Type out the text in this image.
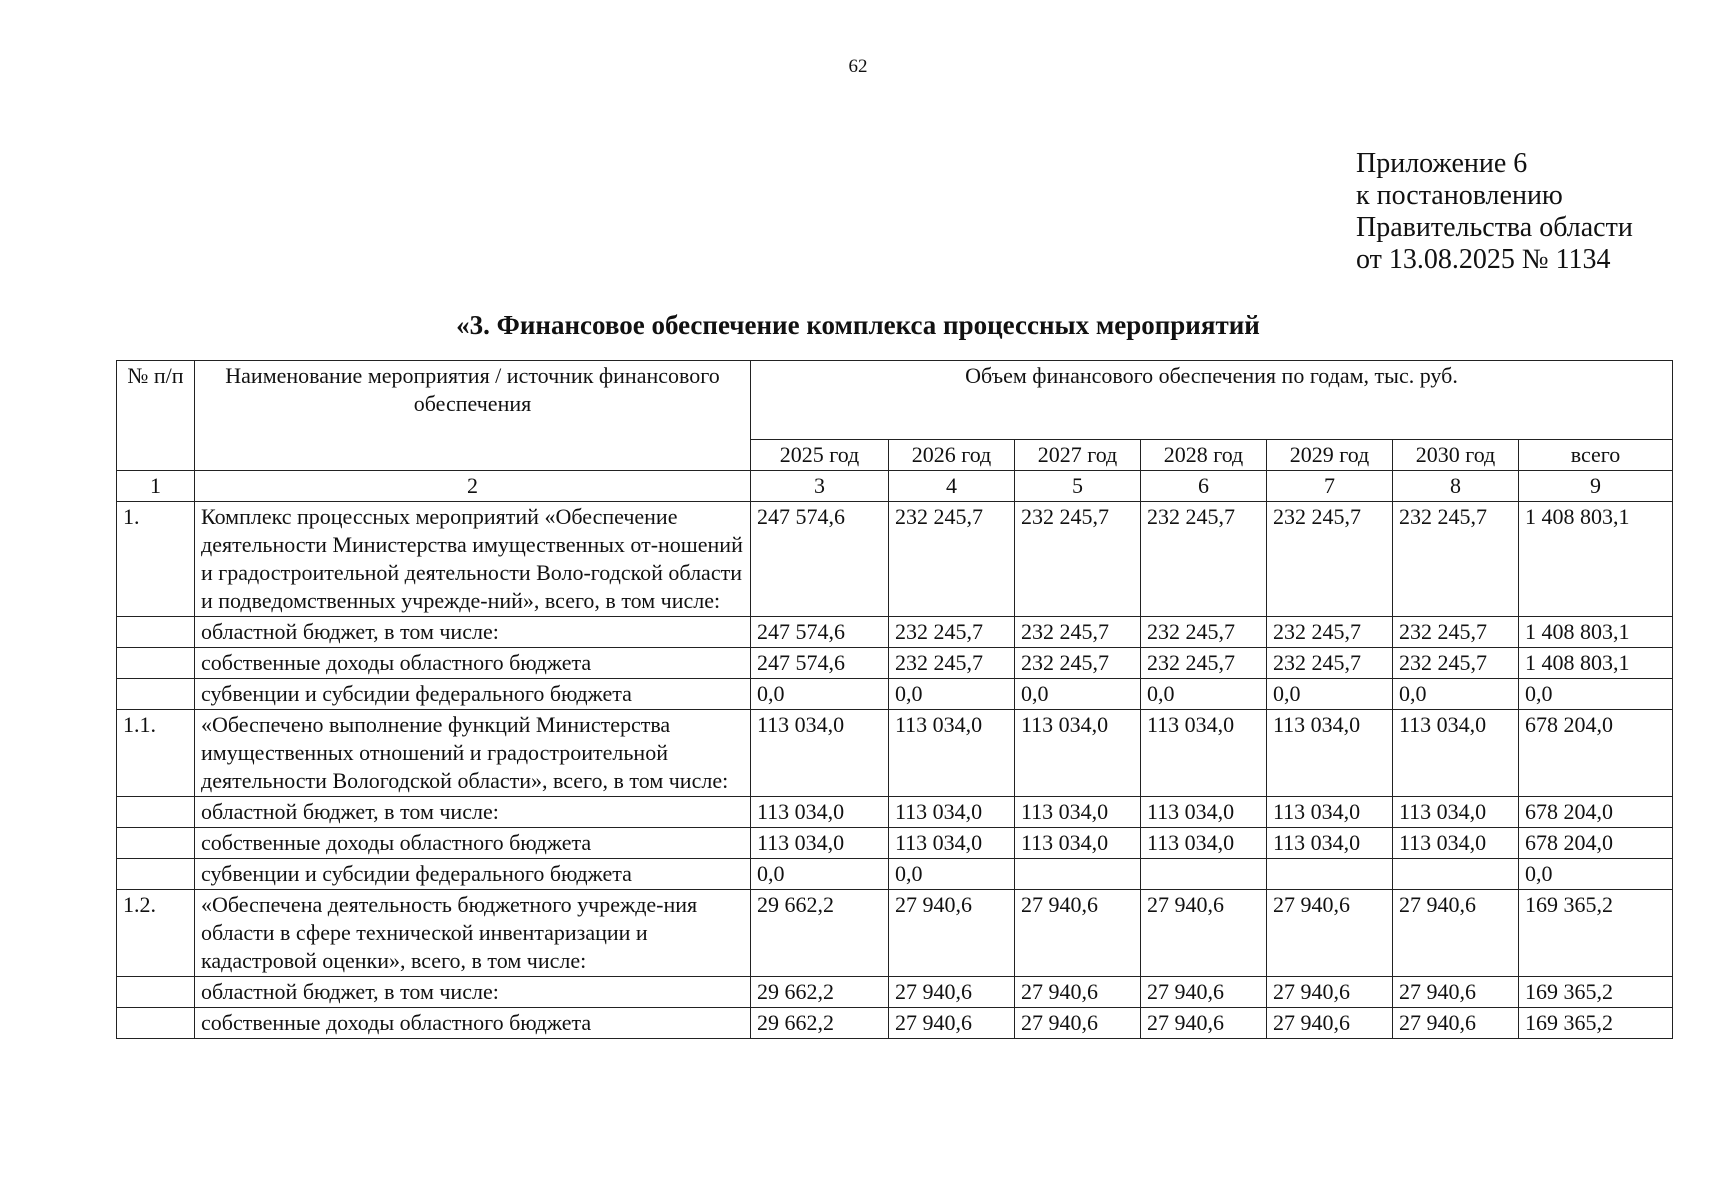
62
Приложение 6
к постановлению
Правительства области
от 13.08.2025 № 1134
«3. Финансовое обеспечение комплекса процессных мероприятий
№ п/п	Наименование мероприятия / источник финансового обеспечения	Объем финансового обеспечения по годам, тыс. руб.						
		2025 год	2026 год	2027 год	2028 год	2029 год	2030 год	всего
1	2	3	4	5	6	7	8	9
1.	Комплекс процессных мероприятий «Обеспечение деятельности Министерства имущественных от-ношений и градостроительной деятельности Воло-годской области и подведомственных учрежде-ний», всего, в том числе:	247 574,6	232 245,7	232 245,7	232 245,7	232 245,7	232 245,7	1 408 803,1
	областной бюджет, в том числе:	247 574,6	232 245,7	232 245,7	232 245,7	232 245,7	232 245,7	1 408 803,1
	собственные доходы областного бюджета	247 574,6	232 245,7	232 245,7	232 245,7	232 245,7	232 245,7	1 408 803,1
	субвенции и субсидии федерального бюджета	0,0	0,0	0,0	0,0	0,0	0,0	0,0
1.1.	«Обеспечено выполнение функций Министерства имущественных отношений и градостроительной деятельности Вологодской области», всего, в том числе:	113 034,0	113 034,0	113 034,0	113 034,0	113 034,0	113 034,0	678 204,0
	областной бюджет, в том числе:	113 034,0	113 034,0	113 034,0	113 034,0	113 034,0	113 034,0	678 204,0
	собственные доходы областного бюджета	113 034,0	113 034,0	113 034,0	113 034,0	113 034,0	113 034,0	678 204,0
	субвенции и субсидии федерального бюджета	0,0	0,0					0,0
1.2.	«Обеспечена деятельность бюджетного учрежде-ния области в сфере технической инвентаризации и кадастровой оценки», всего, в том числе:	29 662,2	27 940,6	27 940,6	27 940,6	27 940,6	27 940,6	169 365,2
	областной бюджет, в том числе:	29 662,2	27 940,6	27 940,6	27 940,6	27 940,6	27 940,6	169 365,2
	собственные доходы областного бюджета	29 662,2	27 940,6	27 940,6	27 940,6	27 940,6	27 940,6	169 365,2
